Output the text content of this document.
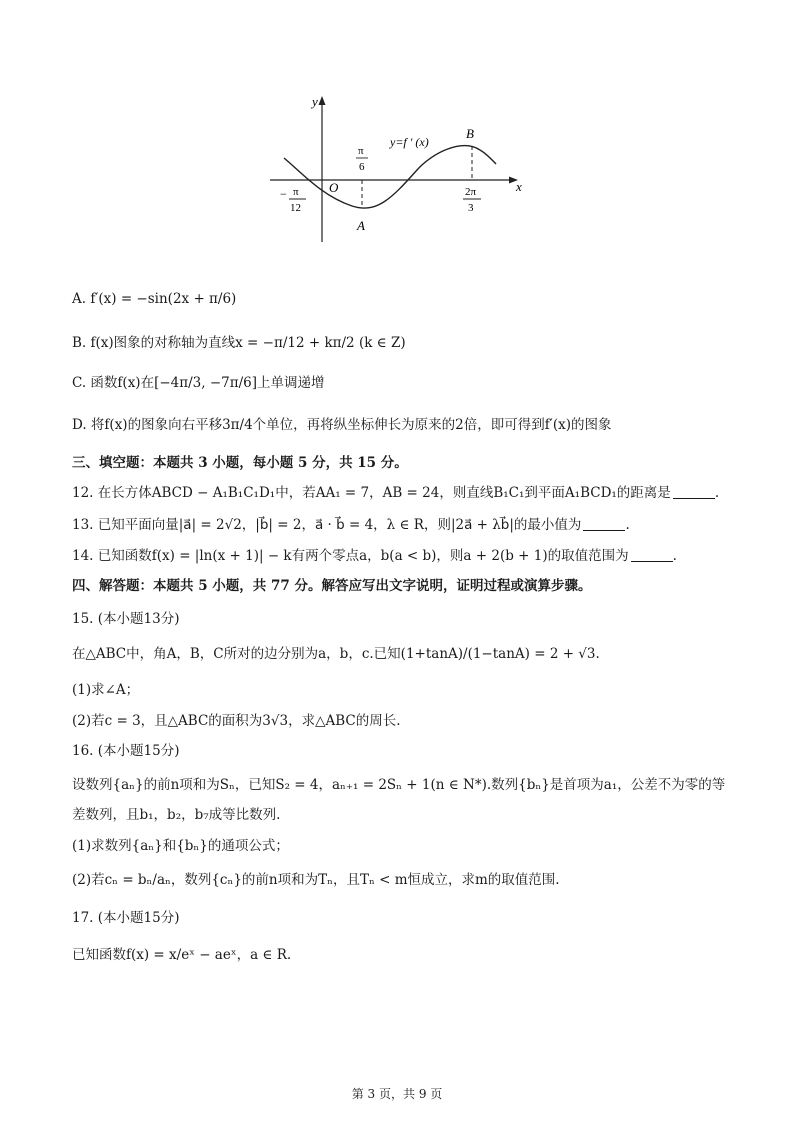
y
x
O
y=f ′ (x)
A
B
π
6
− π
12
2π
3
A. f′(x) = −sin(2x + π/6)
B. f(x)图象的对称轴为直线x = −π/12 + kπ/2 (k ∈ Z)
C. 函数f(x)在[−4π/3, −7π/6]上单调递增
D. 将f(x)的图象向右平移3π/4个单位，再将纵坐标伸长为原来的2倍，即可得到f′(x)的图象
三、填空题：本题共 3 小题，每小题 5 分，共 15 分。
12. 在长方体ABCD − A₁B₁C₁D₁中，若AA₁ = 7，AB = 24，则直线B₁C₁到平面A₁BCD₁的距离是	.
13. 已知平面向量|a⃗| = 2√2，|b⃗| = 2，a⃗ · b⃗ = 4，λ ∈ R，则|2a⃗ + λb⃗|的最小值为	.
14. 已知函数f(x) = |ln(x + 1)| − k有两个零点a，b(a < b)，则a + 2(b + 1)的取值范围为	.
四、解答题：本题共 5 小题，共 77 分。解答应写出文字说明，证明过程或演算步骤。
15. (本小题13分)
在△ABC中，角A，B，C所对的边分别为a，b，c.已知(1+tanA)/(1−tanA) = 2 + √3.
(1)求∠A；
(2)若c = 3，且△ABC的面积为3√3，求△ABC的周长.
16. (本小题15分)
设数列{aₙ}的前n项和为Sₙ，已知S₂ = 4，aₙ₊₁ = 2Sₙ + 1(n ∈ N*).数列{bₙ}是首项为a₁，公差不为零的等
差数列，且b₁，b₂，b₇成等比数列.
(1)求数列{aₙ}和{bₙ}的通项公式；
(2)若cₙ = bₙ/aₙ，数列{cₙ}的前n项和为Tₙ，且Tₙ < m恒成立，求m的取值范围.
17. (本小题15分)
已知函数f(x) = x/eˣ − aeˣ，a ∈ R.
第 3 页，共 9 页
